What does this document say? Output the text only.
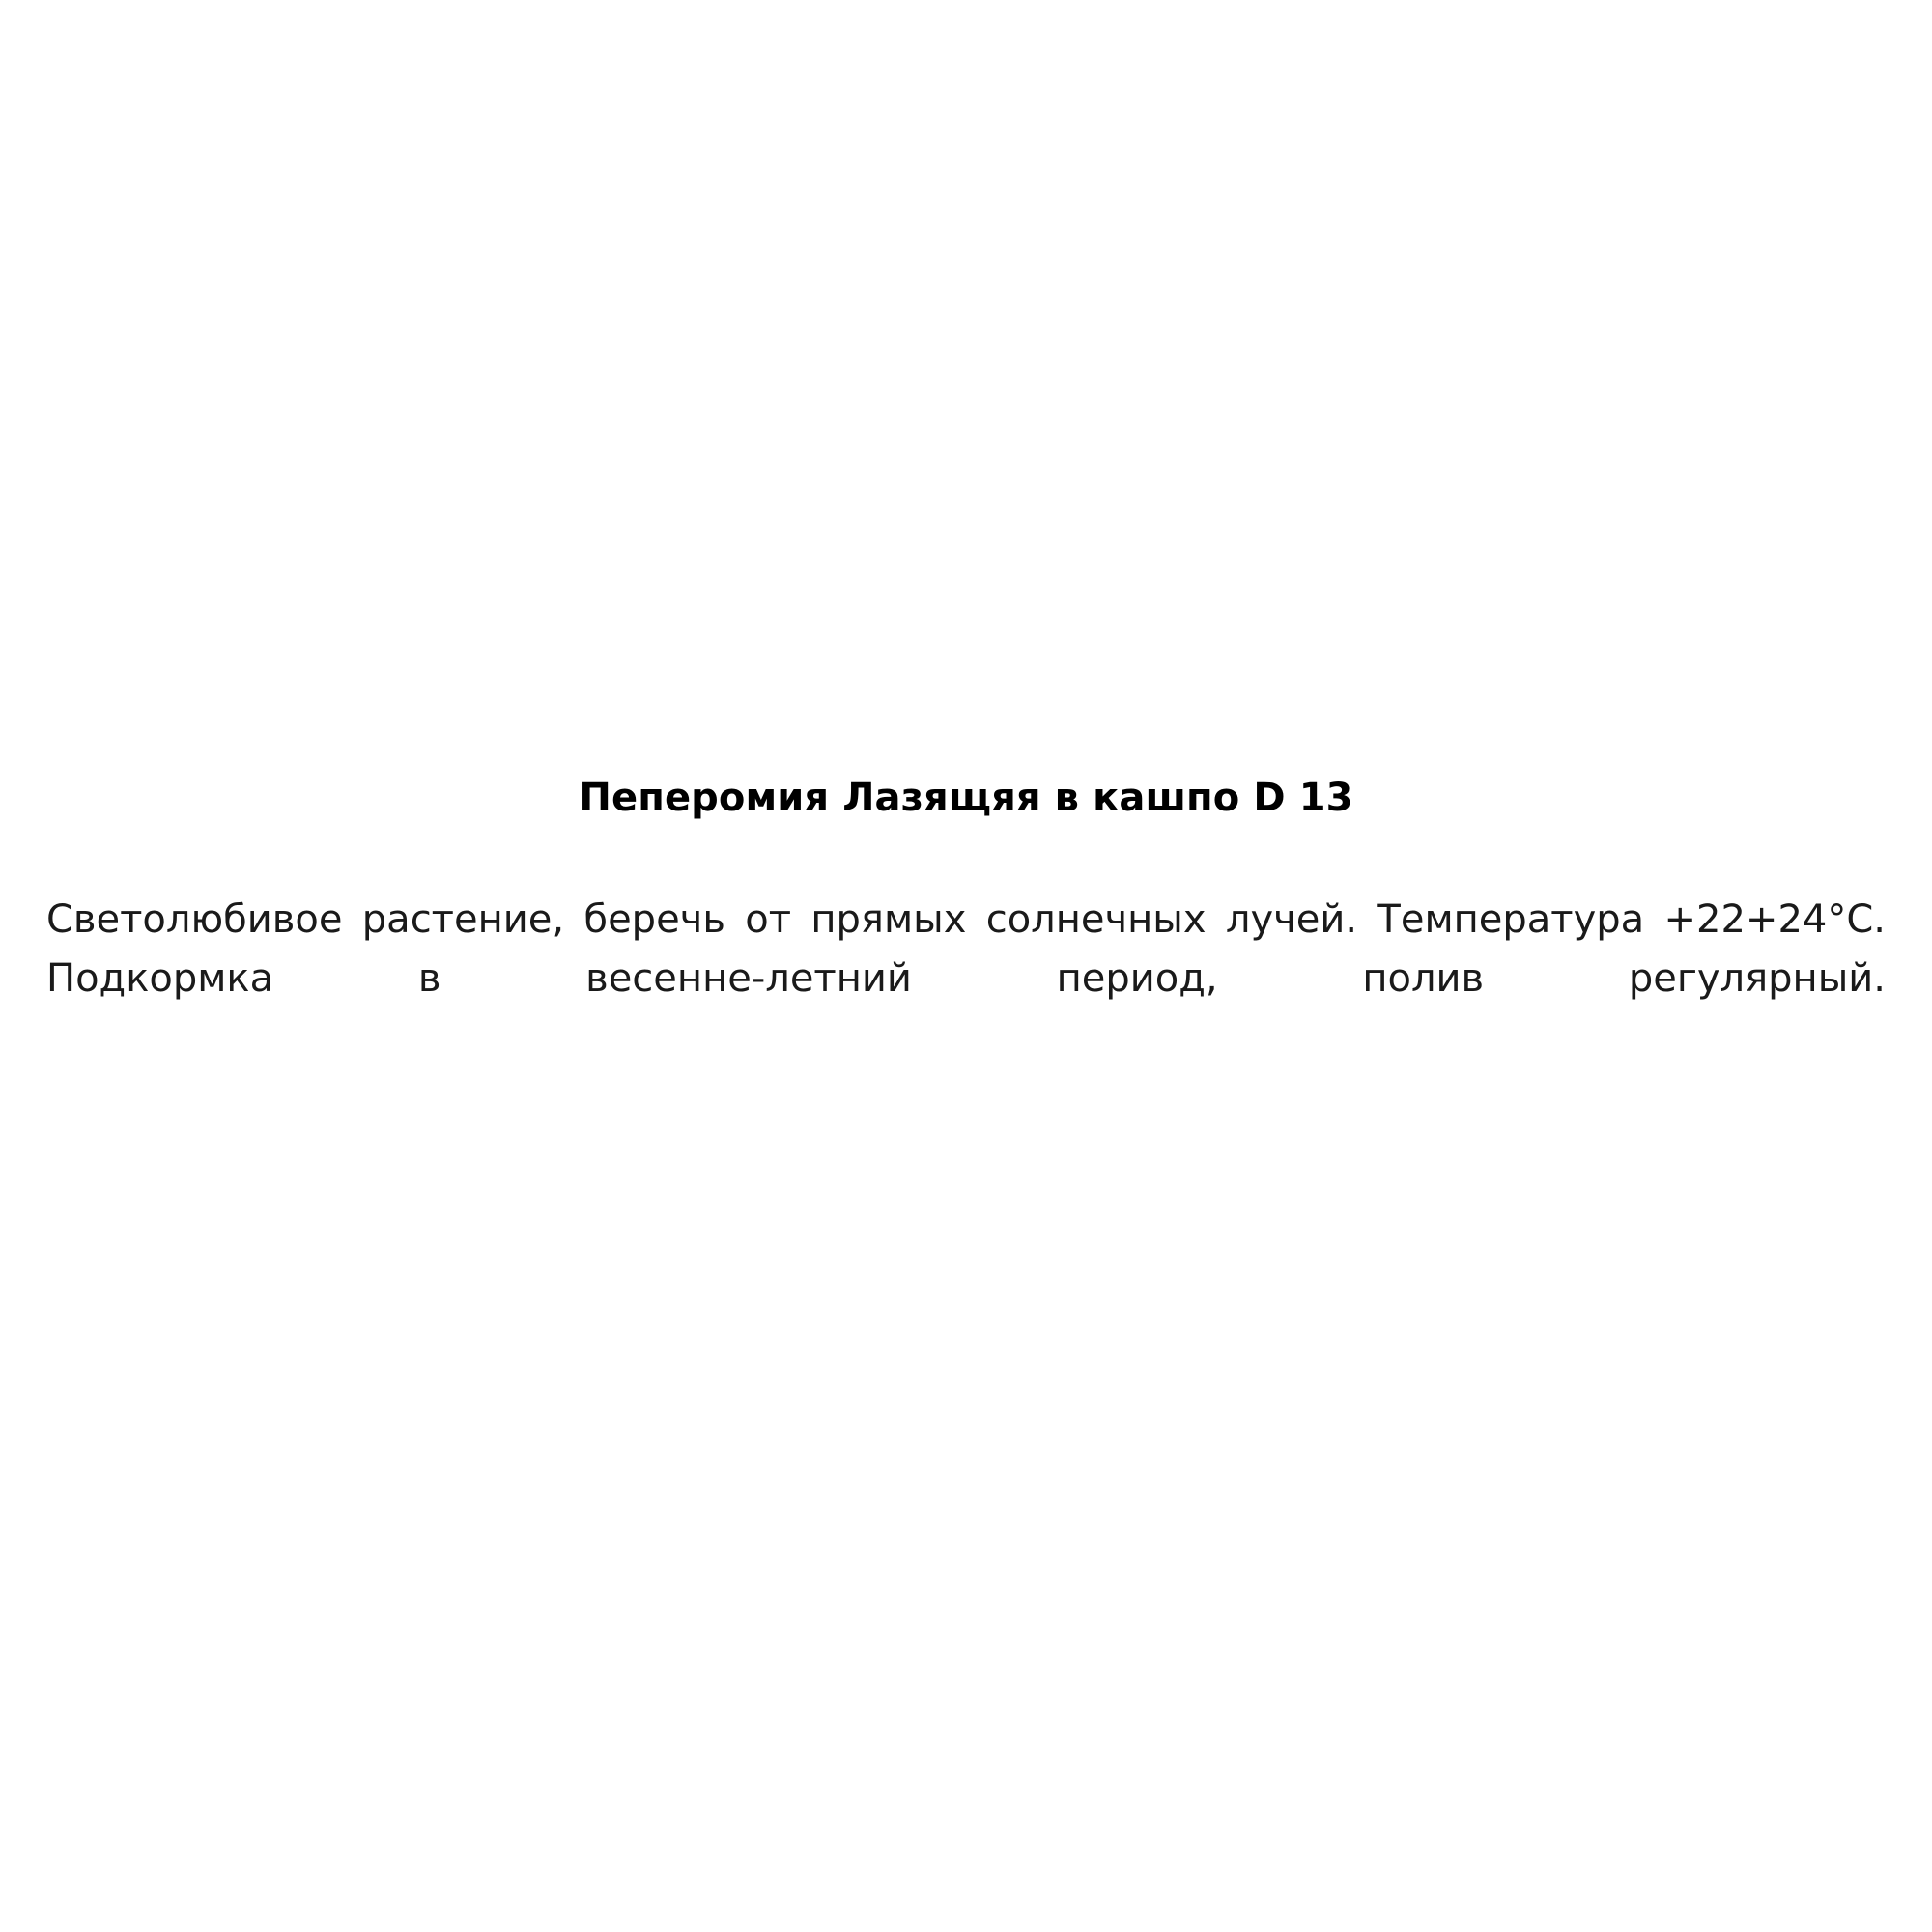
Пеперомия Лазящяя в кашпо D 13

Светолюбивое растение, беречь от прямых солнечных лучей. Температура +22+24°С. Подкормка в весенне-летний период, полив регулярный.
